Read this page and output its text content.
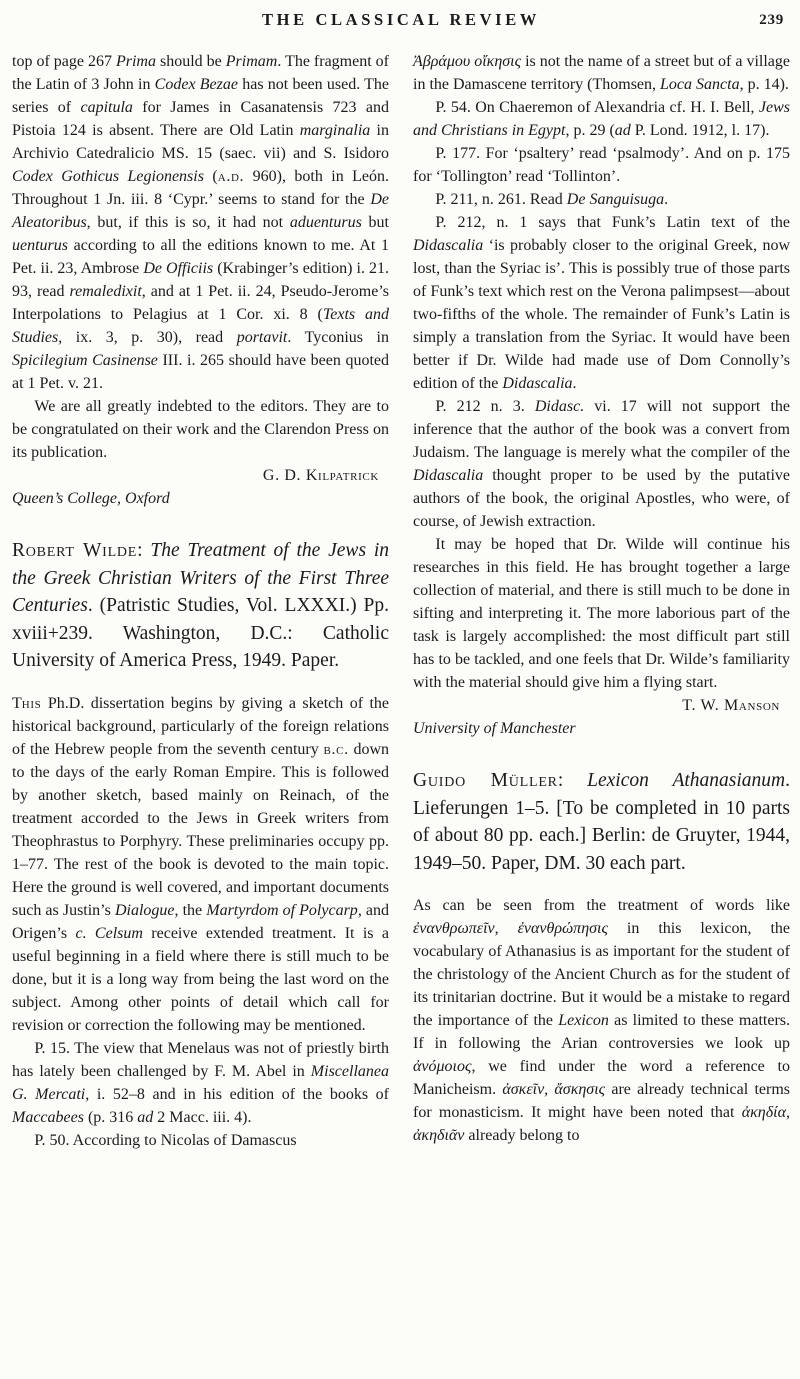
THE CLASSICAL REVIEW	239

top of page 267 Prima should be Primam. The fragment of the Latin of 3 John in Codex Bezae has not been used. The series of capitula for James in Casanatensis 723 and Pistoia 124 is absent. There are Old Latin marginalia in Archivio Catedralicio MS. 15 (saec. vii) and S. Isidoro Codex Gothicus Legionensis (a.d. 960), both in León. Throughout 1 Jn. iii. 8 ‘Cypr.’ seems to stand for the De Aleatoribus, but, if this is so, it had not aduenturus but uenturus according to all the editions known to me. At 1 Pet. ii. 23, Ambrose De Officiis (Krabinger’s edition) i. 21. 93, read remaledixit, and at 1 Pet. ii. 24, Pseudo-Jerome’s Interpolations to Pelagius at 1 Cor. xi. 8 (Texts and Studies, ix. 3, p. 30), read portavit. Tyconius in Spicilegium Casinense III. i. 265 should have been quoted at 1 Pet. v. 21.

We are all greatly indebted to the editors. They are to be congratulated on their work and the Clarendon Press on its publication.

G. D. Kilpatrick

Queen’s College, Oxford

Robert Wilde: The Treatment of the Jews in the Greek Christian Writers of the First Three Centuries. (Patristic Studies, Vol. LXXXI.) Pp. xviii+239. Washington, D.C.: Catholic University of America Press, 1949. Paper.

This Ph.D. dissertation begins by giving a sketch of the historical background, particularly of the foreign relations of the Hebrew people from the seventh century b.c. down to the days of the early Roman Empire. This is followed by another sketch, based mainly on Reinach, of the treatment accorded to the Jews in Greek writers from Theophrastus to Porphyry. These preliminaries occupy pp. 1–77. The rest of the book is devoted to the main topic. Here the ground is well covered, and important documents such as Justin’s Dialogue, the Martyrdom of Polycarp, and Origen’s c. Celsum receive extended treatment. It is a useful beginning in a field where there is still much to be done, but it is a long way from being the last word on the subject. Among other points of detail which call for revision or correction the following may be mentioned.

P. 15. The view that Menelaus was not of priestly birth has lately been challenged by F. M. Abel in Miscellanea G. Mercati, i. 52–8 and in his edition of the books of Maccabees (p. 316 ad 2 Macc. iii. 4).

P. 50. According to Nicolas of Damascus

Ἀβράμου οἴκησις is not the name of a street but of a village in the Damascene territory (Thomsen, Loca Sancta, p. 14).

P. 54. On Chaeremon of Alexandria cf. H. I. Bell, Jews and Christians in Egypt, p. 29 (ad P. Lond. 1912, l. 17).

P. 177. For ‘psaltery’ read ‘psalmody’. And on p. 175 for ‘Tollington’ read ‘Tollinton’.

P. 211, n. 261. Read De Sanguisuga.

P. 212, n. 1 says that Funk’s Latin text of the Didascalia ‘is probably closer to the original Greek, now lost, than the Syriac is’. This is possibly true of those parts of Funk’s text which rest on the Verona palimpsest—about two-fifths of the whole. The remainder of Funk’s Latin is simply a translation from the Syriac. It would have been better if Dr. Wilde had made use of Dom Connolly’s edition of the Didascalia.

P. 212 n. 3. Didasc. vi. 17 will not support the inference that the author of the book was a convert from Judaism. The language is merely what the compiler of the Didascalia thought proper to be used by the putative authors of the book, the original Apostles, who were, of course, of Jewish extraction.

It may be hoped that Dr. Wilde will continue his researches in this field. He has brought together a large collection of material, and there is still much to be done in sifting and interpreting it. The more laborious part of the task is largely accomplished: the most difficult part still has to be tackled, and one feels that Dr. Wilde’s familiarity with the material should give him a flying start.

T. W. Manson

University of Manchester

Guido Müller: Lexicon Athanasianum. Lieferungen 1–5. [To be completed in 10 parts of about 80 pp. each.] Berlin: de Gruyter, 1944, 1949–50. Paper, DM. 30 each part.

As can be seen from the treatment of words like ἐνανθρωπεῖν, ἐνανθρώπησις in this lexicon, the vocabulary of Athanasius is as important for the student of the christology of the Ancient Church as for the student of its trinitarian doctrine. But it would be a mistake to regard the importance of the Lexicon as limited to these matters. If in following the Arian controversies we look up ἀνόμοιος, we find under the word a reference to Manicheism. ἀσκεῖν, ἄσκησις are already technical terms for monasticism. It might have been noted that ἀκηδία, ἀκηδιᾶν already belong to
